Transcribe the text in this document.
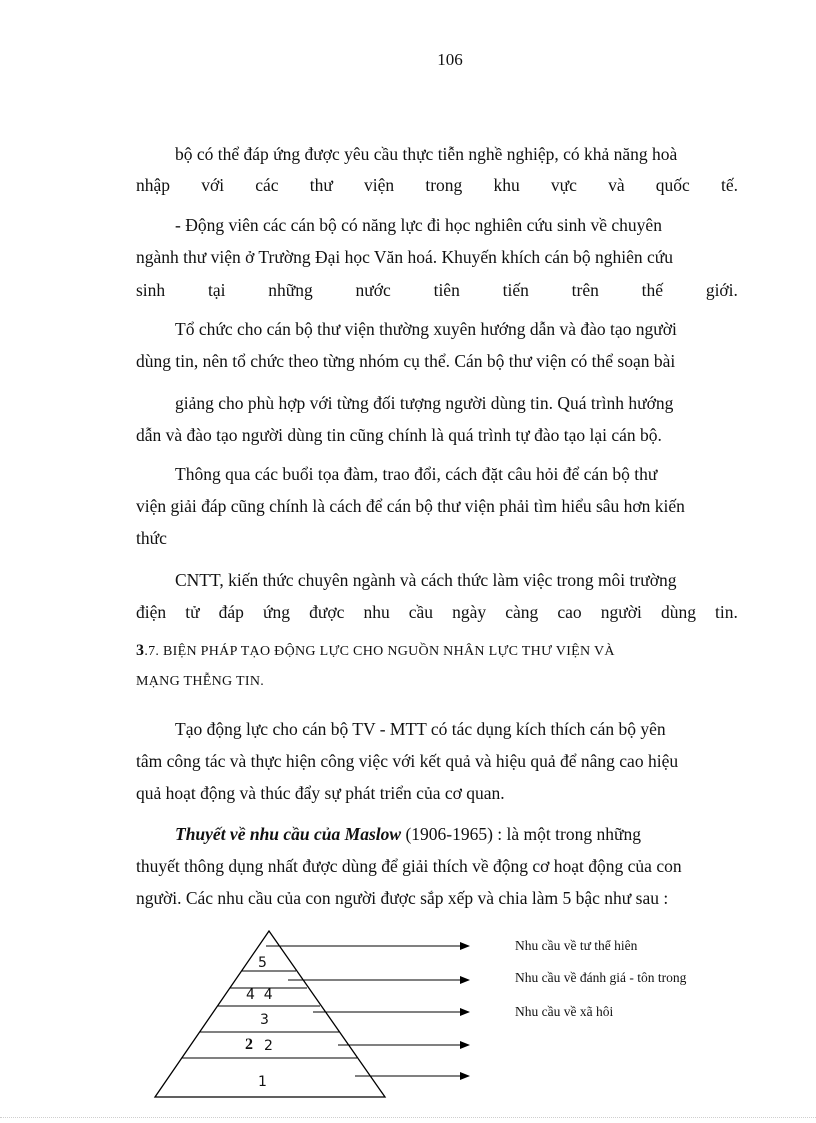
106
bộ có thể đáp ứng được yêu cầu thực tiễn nghề nghiệp, có khả năng hoà
nhập với các thư viện trong khu vực và quốc tế.
- Động viên các cán bộ có năng lực đi học nghiên cứu sinh về chuyên
ngành thư viện ở Trường Đại học Văn hoá. Khuyến khích cán bộ nghiên cứu
sinh tại những nước tiên tiến trên thế giới.
Tổ chức cho cán bộ thư viện thường xuyên hướng dẫn và đào tạo người
dùng tin, nên tổ chức theo từng nhóm cụ thể. Cán bộ thư viện có thể soạn bài
giảng cho phù hợp với từng đối tượng người dùng tin. Quá trình hướng
dẫn và đào tạo người dùng tin cũng chính là quá trình tự đào tạo lại cán bộ.
Thông qua các buổi tọa đàm, trao đổi, cách đặt câu hỏi để cán bộ thư
viện giải đáp cũng chính là cách để cán bộ thư viện phải tìm hiểu sâu hơn kiến
thức
CNTT, kiến thức chuyên ngành và cách thức làm việc trong môi trường
điện tử đáp ứng được nhu cầu ngày càng cao người dùng tin.
3.7. BIỆN PHÁP TẠO ĐỘNG LỰC CHO NGUỒN NHÂN LỰC THƯ VIỆN VÀ
MẠNG THỄNG TIN.
Tạo động lực cho cán bộ TV - MTT có tác dụng kích thích cán bộ yên
tâm công tác và thực hiện công việc với kết quả và hiệu quả để nâng cao hiệu
quả hoạt động và thúc đẩy sự phát triển của cơ quan.
Thuyết về nhu cầu của Maslow (1906-1965) : là một trong những
thuyết thông dụng nhất được dùng để giải thích về động cơ hoạt động của con
người. Các nhu cầu của con người được sắp xếp và chia làm 5 bậc như sau :
5
4  4
3
2 2
1
Nhu cầu về tư thể hiên
Nhu cầu về đánh giá - tôn trong
Nhu cầu về xã hôi
